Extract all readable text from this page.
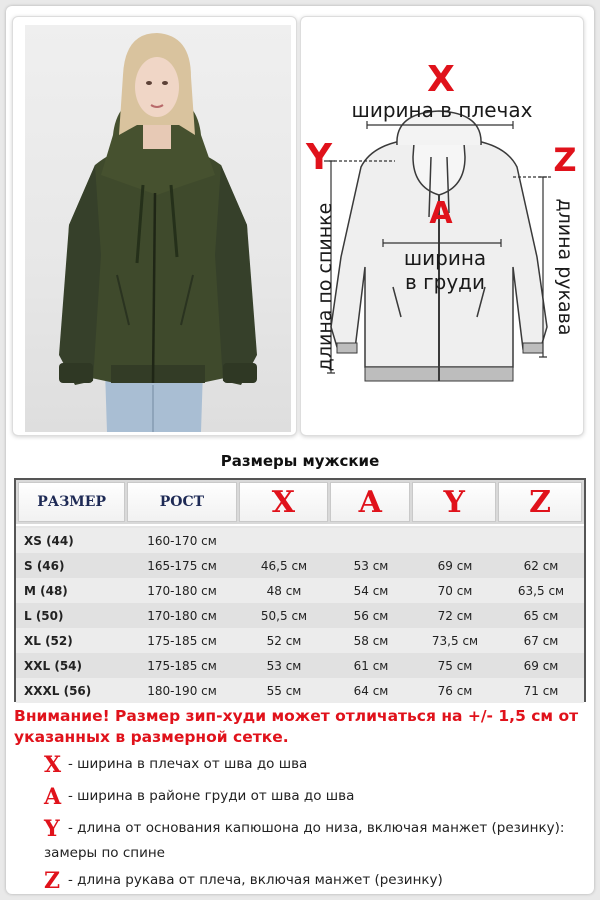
X
A
Y	Z
ширина в плечах
ширина
в груди
длина по спинке	длина рукава
Размеры мужские
РАЗМЕР	РОСТ	X	A	Y	Z
XS (44)	160-170 см
S (46)	165-175 см	46,5 см	53 см	69 см	62 см
M (48)	170-180 см	48 см	54 см	70 см	63,5 см
L (50)	170-180 см	50,5 см	56 см	72 см	65 см
XL (52)	175-185 см	52 см	58 см	73,5 см	67 см
XXL (54)	175-185 см	53 см	61 см	75 см	69 см
XXXL (56)	180-190 см	55 см	64 см	76 см	71 см
Внимание! Размер зип-худи может отличаться на +/- 1,5 см от указанных в размерной сетке.
X - ширина в плечах от шва до шва
A - ширина в районе груди от шва до шва
Y - длина от основания капюшона до низа, включая манжет (резинку): замеры по спине
Z - длина рукава от плеча, включая манжет (резинку)
